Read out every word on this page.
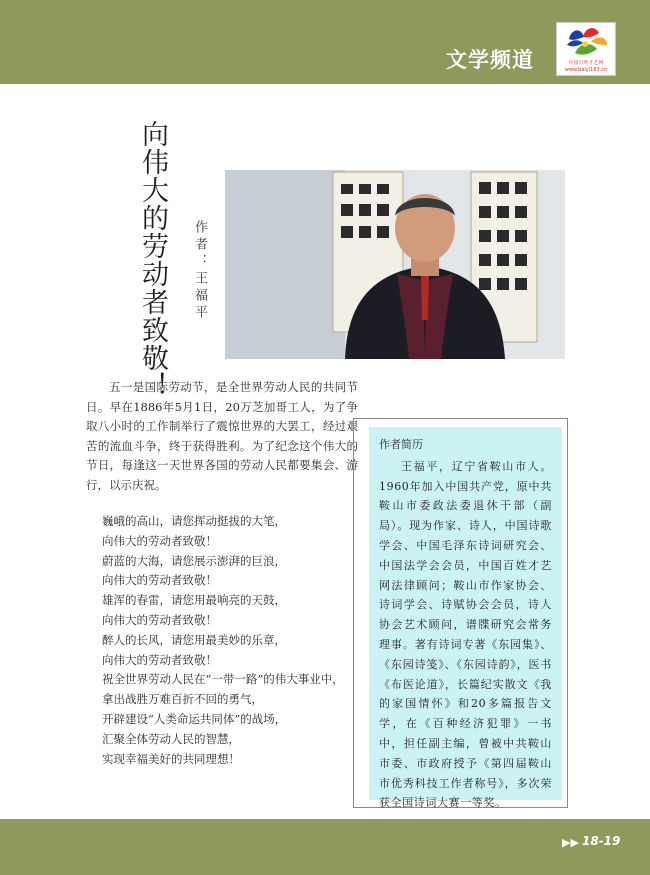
文学频道	中国百姓才艺网
www.baiyi163.cn
向伟大的劳动者致敬！ 作者：王福平

五一是国际劳动节，是全世界劳动人民的共同节日。早在1886年5月1日，20万芝加哥工人，为了争取八小时的工作制举行了震惊世界的大罢工，经过艰苦的流血斗争，终于获得胜利。为了纪念这个伟大的节日，每逢这一天世界各国的劳动人民都要集会、游行，以示庆祝。

巍峨的高山，请您挥动挺拔的大笔，
向伟大的劳动者致敬！
蔚蓝的大海，请您展示澎湃的巨浪，
向伟大的劳动者致敬！
雄浑的春雷，请您用最响亮的天鼓，
向伟大的劳动者致敬！
醉人的长风，请您用最美妙的乐章，
向伟大的劳动者致敬！
祝全世界劳动人民在“一带一路”的伟大事业中，
拿出战胜万难百折不回的勇气，
开辟建设“人类命运共同体”的战场，
汇聚全体劳动人民的智慧，
实现幸福美好的共同理想！
作者简历

王福平，辽宁省鞍山市人。1960年加入中国共产党，原中共鞍山市委政法委退休干部（副局）。现为作家、诗人，中国诗歌学会、中国毛泽东诗词研究会、中国法学会会员，中国百姓才艺网法律顾问；鞍山市作家协会、诗词学会、诗赋协会会员，诗人协会艺术顾问，谱牒研究会常务理事。著有诗词专著《东园集》、《东园诗笺》、《东园诗韵》，医书《布医论道》，长篇纪实散文《我的家国情怀》和20多篇报告文学，在《百种经济犯罪》一书中，担任副主编，曾被中共鞍山市委、市政府授予《第四届鞍山市优秀科技工作者称号》，多次荣获全国诗词大赛一等奖。

▶▶ 18-19
